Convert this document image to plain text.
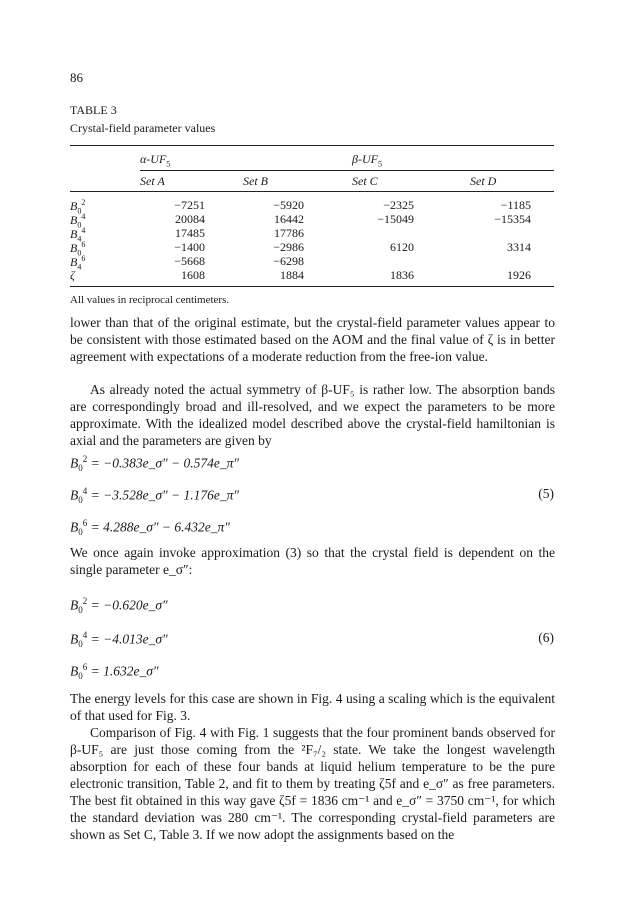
86
TABLE 3
Crystal-field parameter values
$\alpha-UF_5$	$\beta-UF_5$
Set A	Set B	Set C	Set D
$B_0^2$	−7251	−5920	−2325	−1185
$B_0^4$	20084	16442	−15049	−15354
$B_4^4$	17485	17786
$B_0^6$	−1400	−2986	6120	3314
$B_4^6$	−5668	−6298
ζ	1608	1884	1836	1926
All values in reciprocal centimeters.

lower than that of the original estimate, but the crystal-field parameter values appear to be consistent with those estimated based on the AOM and the final value of ζ is in better agreement with expectations of a moderate reduction from the free-ion value.

As already noted the actual symmetry of β-UF₅ is rather low. The absorption bands are correspondingly broad and ill-resolved, and we expect the parameters to be more approximate. With the idealized model described above the crystal-field hamiltonian is axial and the parameters are given by

$B_0^2$ = −0.383e_σ″ − 0.574e_π″
$B_0^4$ = −3.528e_σ″ − 1.176e_π″	(5)
$B_0^6$ = 4.288e_σ″ − 6.432e_π″

We once again invoke approximation (3) so that the crystal field is dependent on the single parameter e_σ″:

$B_0^2$ = −0.620e_σ″
$B_0^4$ = −4.013e_σ″	(6)
$B_0^6$ = 1.632e_σ″

The energy levels for this case are shown in Fig. 4 using a scaling which is the equivalent of that used for Fig. 3.

Comparison of Fig. 4 with Fig. 1 suggests that the four prominent bands observed for β-UF₅ are just those coming from the ²F₇/₂ state. We take the longest wavelength absorption for each of these four bands at liquid helium temperature to be the pure electronic transition, Table 2, and fit to them by treating ζ5f and e_σ″ as free parameters. The best fit obtained in this way gave ζ5f = 1836 cm⁻¹ and e_σ″ = 3750 cm⁻¹, for which the standard deviation was 280 cm⁻¹. The corresponding crystal-field parameters are shown as Set C, Table 3. If we now adopt the assignments based on the
